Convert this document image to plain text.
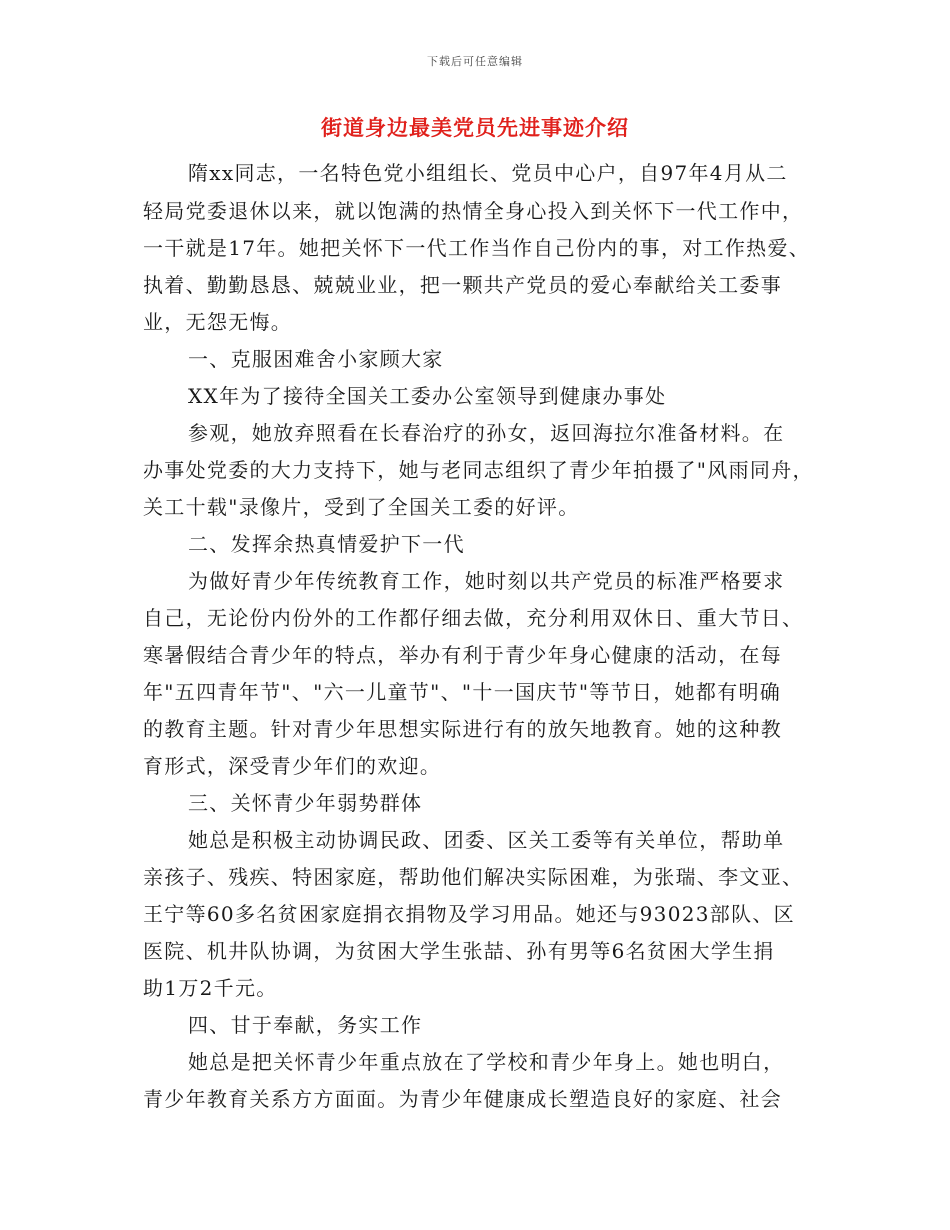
下载后可任意编辑
街道身边最美党员先进事迹介绍
隋xx同志，一名特色党小组组长、党员中心户，自97年4月从二
轻局党委退休以来，就以饱满的热情全身心投入到关怀下一代工作中，
一干就是17年。她把关怀下一代工作当作自己份内的事，对工作热爱、
执着、勤勤恳恳、兢兢业业，把一颗共产党员的爱心奉献给关工委事
业，无怨无悔。
一、克服困难舍小家顾大家
XX年为了接待全国关工委办公室领导到健康办事处
参观，她放弃照看在长春治疗的孙女，返回海拉尔准备材料。在
办事处党委的大力支持下，她与老同志组织了青少年拍摄了"风雨同舟，
关工十载"录像片，受到了全国关工委的好评。
二、发挥余热真情爱护下一代
为做好青少年传统教育工作，她时刻以共产党员的标准严格要求
自己，无论份内份外的工作都仔细去做，充分利用双休日、重大节日、
寒暑假结合青少年的特点，举办有利于青少年身心健康的活动，在每
年"五四青年节"、"六一儿童节"、"十一国庆节"等节日，她都有明确
的教育主题。针对青少年思想实际进行有的放矢地教育。她的这种教
育形式，深受青少年们的欢迎。
三、关怀青少年弱势群体
她总是积极主动协调民政、团委、区关工委等有关单位，帮助单
亲孩子、残疾、特困家庭，帮助他们解决实际困难，为张瑞、李文亚、
王宁等60多名贫困家庭捐衣捐物及学习用品。她还与93023部队、区
医院、机井队协调，为贫困大学生张喆、孙有男等6名贫困大学生捐
助1万2千元。
四、甘于奉献，务实工作
她总是把关怀青少年重点放在了学校和青少年身上。她也明白，
青少年教育关系方方面面。为青少年健康成长塑造良好的家庭、社会
